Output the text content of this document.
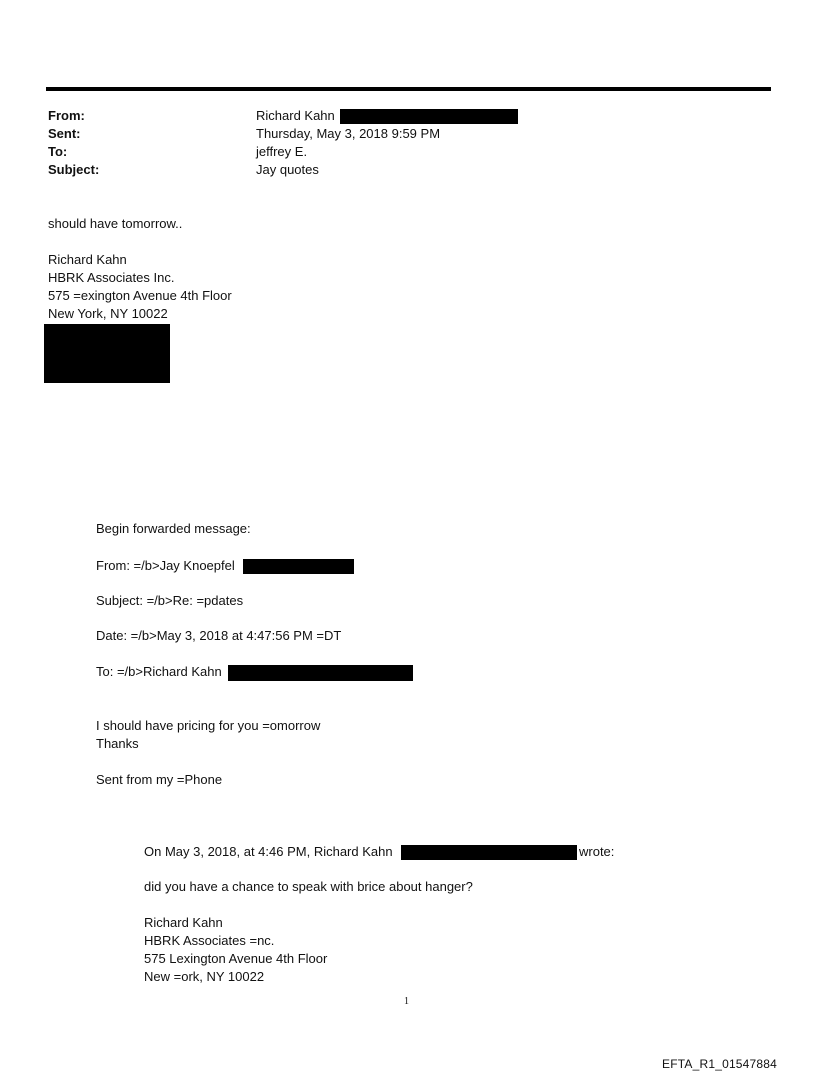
From:	Richard Kahn
Sent:	Thursday, May 3, 2018 9:59 PM
To:	jeffrey E.
Subject:	Jay quotes
should have tomorrow..
Richard Kahn
HBRK Associates Inc.
575 =exington Avenue 4th Floor
New York, NY 10022
Begin forwarded message:
From: =/b>Jay Knoepfel
Subject: =/b>Re: =pdates
Date: =/b>May 3, 2018 at 4:47:56 PM =DT
To: =/b>Richard Kahn
I should have pricing for you =omorrow
Thanks
Sent from my =Phone
On May 3, 2018, at 4:46 PM, Richard Kahn	wrote:
did you have a chance to speak with brice about hanger?
Richard Kahn
HBRK Associates =nc.
575 Lexington Avenue 4th Floor
New =ork, NY 10022
1
EFTA_R1_01547884
